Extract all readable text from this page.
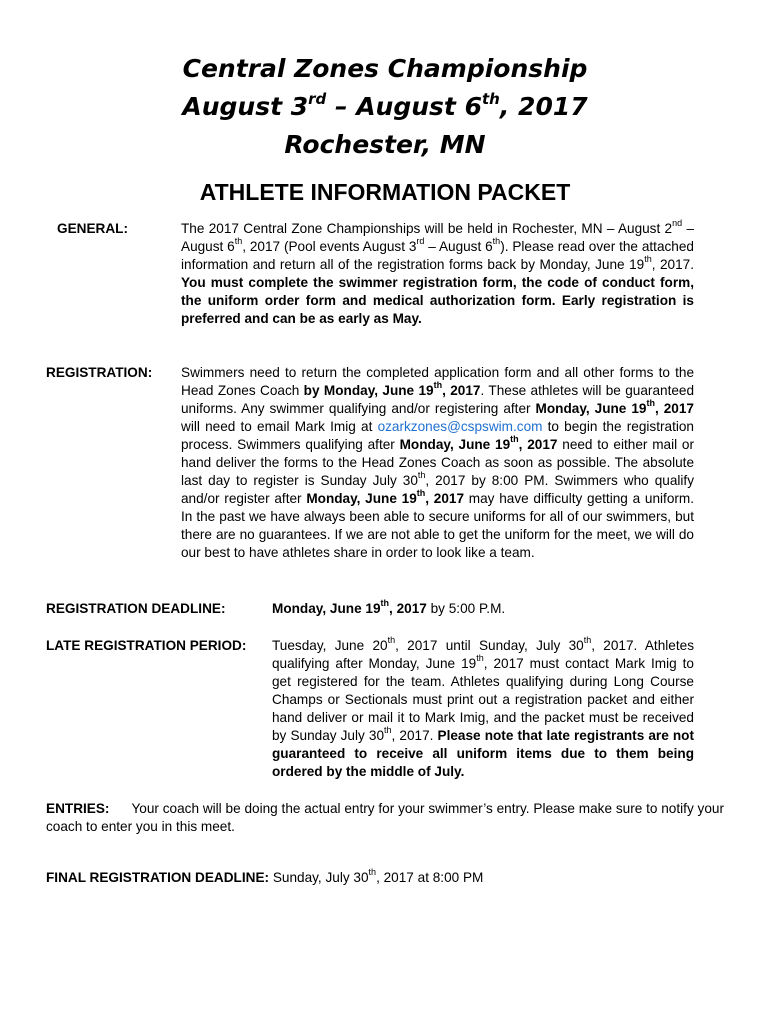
Central Zones Championship
August 3rd – August 6th, 2017
Rochester, MN
ATHLETE INFORMATION PACKET
GENERAL:	The 2017 Central Zone Championships will be held in Rochester, MN – August 2nd – August 6th, 2017 (Pool events August 3rd – August 6th). Please read over the attached information and return all of the registration forms back by Monday, June 19th, 2017. You must complete the swimmer registration form, the code of conduct form, the uniform order form and medical authorization form. Early registration is preferred and can be as early as May.

REGISTRATION: Swimmers need to return the completed application form and all other forms to the Head Zones Coach by Monday, June 19th, 2017. These athletes will be guaranteed uniforms. Any swimmer qualifying and/or registering after Monday, June 19th, 2017 will need to email Mark Imig at ozarkzones@cspswim.com to begin the registration process. Swimmers qualifying after Monday, June 19th, 2017 need to either mail or hand deliver the forms to the Head Zones Coach as soon as possible. The absolute last day to register is Sunday July 30th, 2017 by 8:00 PM. Swimmers who qualify and/or register after Monday, June 19th, 2017 may have difficulty getting a uniform. In the past we have always been able to secure uniforms for all of our swimmers, but there are no guarantees. If we are not able to get the uniform for the meet, we will do our best to have athletes share in order to look like a team.

REGISTRATION DEADLINE:	Monday, June 19th, 2017 by 5:00 P.M.
LATE REGISTRATION PERIOD: Tuesday, June 20th, 2017 until Sunday, July 30th, 2017. Athletes qualifying after Monday, June 19th, 2017 must contact Mark Imig to get registered for the team. Athletes qualifying during Long Course Champs or Sectionals must print out a registration packet and either hand deliver or mail it to Mark Imig, and the packet must be received by Sunday July 30th, 2017. Please note that late registrants are not guaranteed to receive all uniform items due to them being ordered by the middle of July.

ENTRIES: Your coach will be doing the actual entry for your swimmer’s entry. Please make sure to notify your coach to enter you in this meet.

FINAL REGISTRATION DEADLINE: Sunday, July 30th, 2017 at 8:00 PM
